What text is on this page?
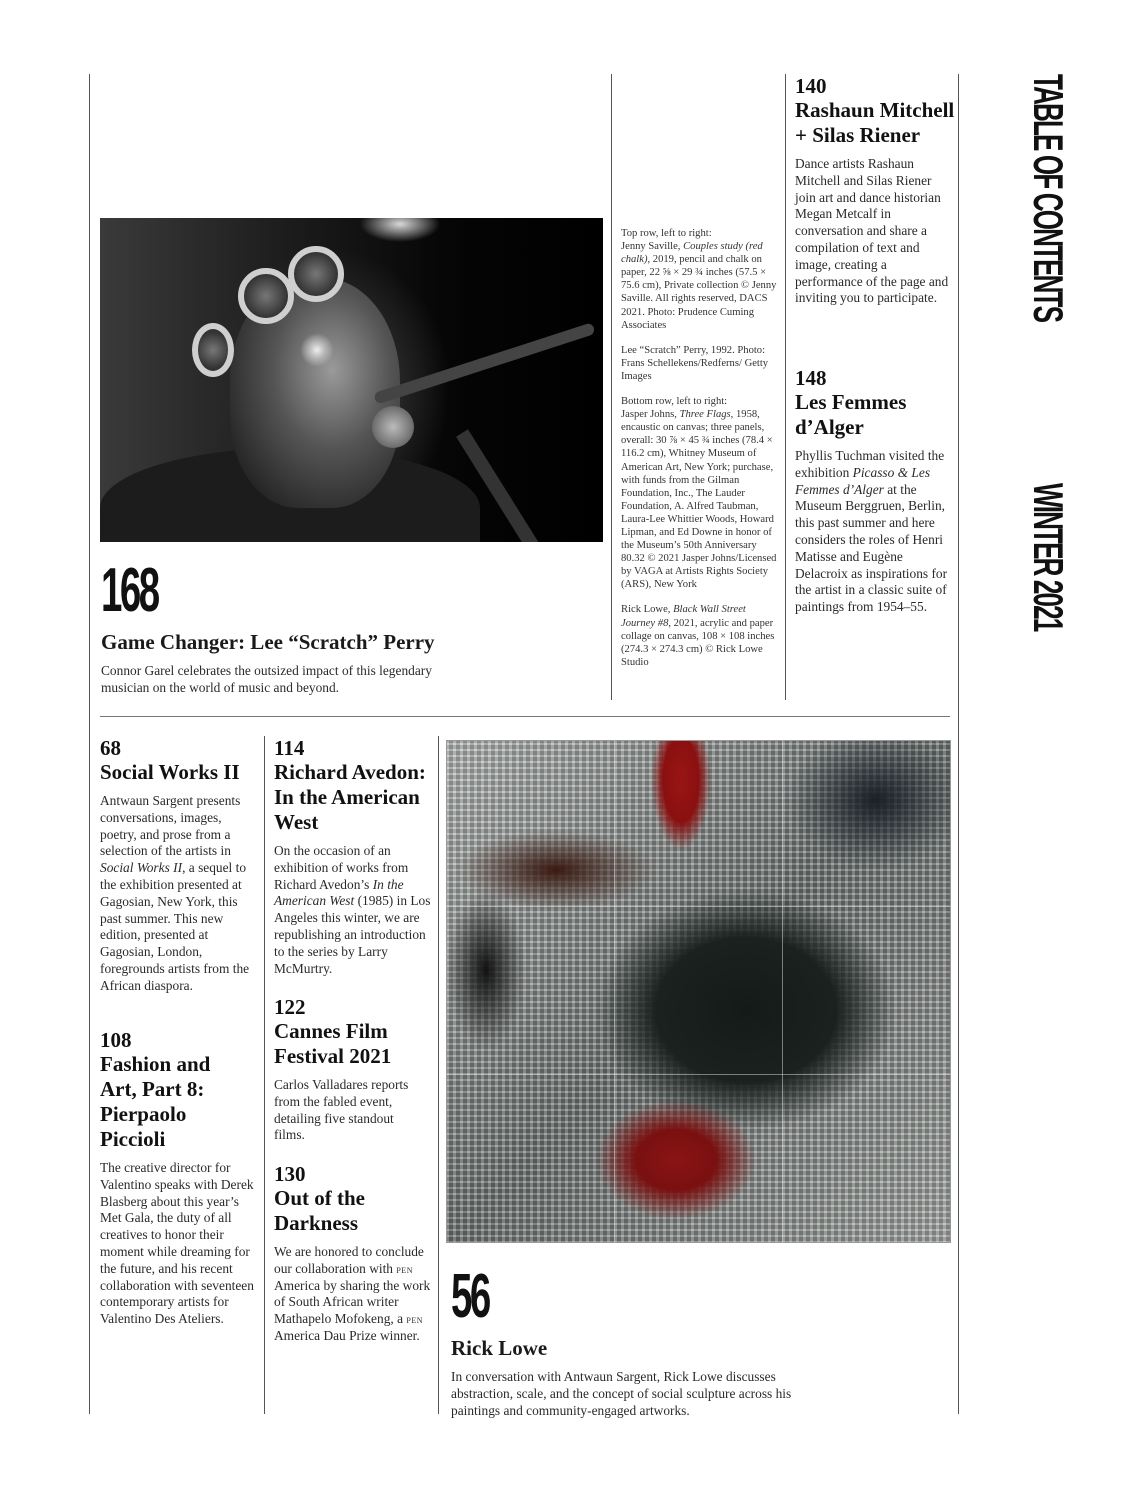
TABLE OF CONTENTSWINTER 2021
168
Game Changer: Lee “Scratch” Perry
Connor Garel celebrates the outsized impact of this legendary musician on the world of music and beyond.

Top row, left to right:
Jenny Saville, Couples study (red chalk), 2019, pencil and chalk on paper, 22 ⅝ × 29 ¾ inches (57.5 × 75.6 cm), Private collection © Jenny Saville. All rights reserved, DACS 2021. Photo: Prudence Cuming Associates

Lee “Scratch” Perry, 1992. Photo: Frans Schellekens/Redferns/ Getty Images

Bottom row, left to right:
Jasper Johns, Three Flags, 1958, encaustic on canvas; three panels, overall: 30 ⅞ × 45 ¾ inches (78.4 × 116.2 cm), Whitney Museum of American Art, New York; purchase, with funds from the Gilman Foundation, Inc., The Lauder Foundation, A. Alfred Taubman, Laura-Lee Whittier Woods, Howard Lipman, and Ed Downe in honor of the Museum’s 50th Anniversary 80.32 © 2021 Jasper Johns/Licensed by VAGA at Artists Rights Society (ARS), New York

Rick Lowe, Black Wall Street Journey #8, 2021, acrylic and paper collage on canvas, 108 × 108 inches (274.3 × 274.3 cm) © Rick Lowe Studio

140
Rashaun Mitchell + Silas Riener
Dance artists Rashaun Mitchell and Silas Riener join art and dance historian Megan Metcalf in conversation and share a compilation of text and image, creating a performance of the page and inviting you to participate.
148
Les Femmes d’Alger
Phyllis Tuchman visited the exhibition Picasso & Les Femmes d’Alger at the Museum Berggruen, Berlin, this past summer and here considers the roles of Henri Matisse and Eugène Delacroix as inspirations for the artist in a classic suite of paintings from 1954–55.
68
Social Works II
Antwaun Sargent presents conversations, images, poetry, and prose from a selection of the artists in Social Works II, a sequel to the exhibition presented at Gagosian, New York, this past summer. This new edition, presented at Gagosian, London, foregrounds artists from the African diaspora.
108
Fashion and Art, Part 8: Pierpaolo Piccioli
The creative director for Valentino speaks with Derek Blasberg about this year’s Met Gala, the duty of all creatives to honor their moment while dreaming for the future, and his recent collaboration with seventeen contemporary artists for Valentino Des Ateliers.
114
Richard Avedon: In the American West
On the occasion of an exhibition of works from Richard Avedon’s In the American West (1985) in Los Angeles this winter, we are republishing an introduction to the series by Larry McMurtry.
122
Cannes Film Festival 2021
Carlos Valladares reports from the fabled event, detailing five standout films.
130
Out of the Darkness
We are honored to conclude our collaboration with pen America by sharing the work of South African writer Mathapelo Mofokeng, a pen America Dau Prize winner.
56
Rick Lowe
In conversation with Antwaun Sargent, Rick Lowe discusses abstraction, scale, and the concept of social sculpture across his paintings and community-engaged artworks.
